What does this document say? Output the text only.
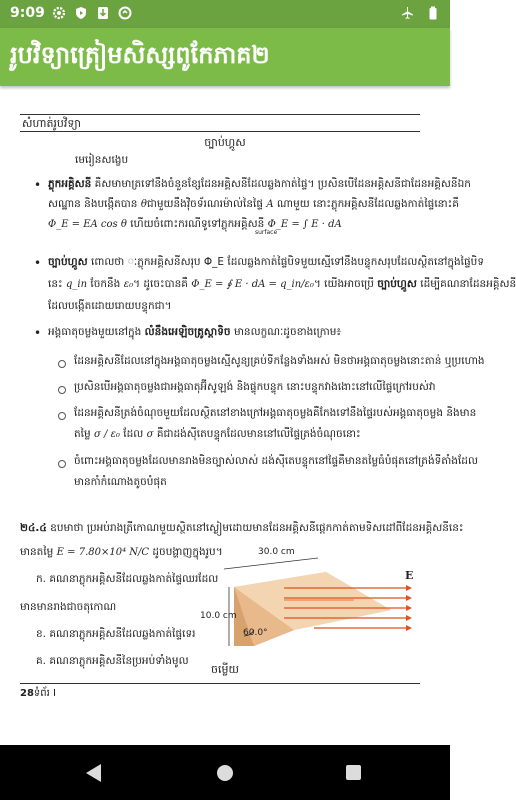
9:09
រូបវិទ្យាត្រៀមសិស្សពូកែភាគ២
សំហាត់រូបវិទ្យា
ច្បាប់ហ្គូស
មេរៀនសង្ខេប
• ភ្លុកអគ្គិសនី គឺសមាមាត្រទៅនឹងចំនួនខ្សែដែនអគ្គិសនីដែលឆ្លងកាត់ផ្ទៃ។ ប្រសិនបើដែនអគ្គិសនីជាដែនអគ្គិសនីឯក
សណ្ឋាន និងបង្កើតបាន θជាមួយនឹងវ៉ិចទ័រណរម៉ាល់នៃផ្ទៃ A ណាមួយ នោះភ្លុកអគ្គិសនីដែលឆ្លងកាត់ផ្ទៃនោះគឺ
Φ_E = EA cos θ ហើយចំពោះករណីទូទៅភ្លុកអគ្គិសនី Φ_E = ∫ E · dA
surface
• ច្បាប់ហ្គូស ពោលថា ៈភ្លុកអគ្គិសនីសរុប Φ_E ដែលឆ្លងកាត់ផ្ទៃបិទមួយស្មើទៅនឹងបន្ទុកសរុបដែលស្ថិតនៅក្នុងផ្ទៃបិទ
នេះ q_in ចែកនឹង ε₀។ ដូចេះបានគឺ Φ_E = ∮ E · dA = q_in/ε₀។ យើងអាចប្រើ ច្បាប់ហ្គូស ដើម្បីគណនាដែនអគ្គិសនី
ដែលបង្កើតដោយរោយបន្ទុកជា។
• អង្គធាតុចម្លងមួយនៅក្នុង លំនឹងអេឡិចត្រូស្តាទិច មានលក្ខណៈដូចខាងក្រោម៖
ដែនអគ្គិសនីដែលនៅក្នុងអង្គធាតុចម្លងស្មើសូន្យគ្រប់ទីកន្លែងទាំងអស់ មិនថាអង្គធាតុចម្លងនោះតាន់ ឬប្រហោង
ប្រសិនបើអង្គធាតុចម្លងជាអង្គធាតុអ៊ីសូឡង់ និងផ្ទុកបន្ទុក នោះបន្ទុកវាងងោះនៅលើផ្ទៃក្រៅរបស់វា
ដែនអគ្គិសនីត្រង់ចំណុចមួយដែលស្ថិតនៅខាងក្រៅអង្គធាតុចម្លងគឺកែងទៅនឹងផ្ទៃរបស់អង្គធាតុចម្លង និងមាន
តម្លៃ σ / ε₀ ដែល σ គឺជាដង់ស៊ីតេបន្ទុកដែលមាននៅលើផ្ទៃត្រង់ចំណុចនោះ
ចំពោះអង្គធាតុចម្លងដែលមានរាងមិនច្បាស់លាស់ ដង់ស៊ីតេបន្ទុកនៅផ្ទៃគឺមានតម្លៃធំបំផុតនៅត្រង់ទីតាំងដែល
មានកាំកំណោងតូចបំផុត
២៤.៤ ឧបមាថា ប្រអប់រាងត្រីកោណមួយស្ថិតនៅស្ងៀមដោយមានដែនអគ្គិសនីផ្ដេកកាត់តាមទិសដៅពីដែនអគ្គិសនីនេះ
មានតម្លៃ E = 7.80×10⁴ N/C ដូចបង្ហាញក្នុងរូប។
ក. គណនាភ្លុកអគ្គិសនីដែលឆ្លងកាត់ផ្ទៃឈរដែល
មានមានរាងជាចតុកោណ
ខ. គណនាភ្លុកអគ្គិសនីដែលឆ្លងកាត់ផ្ទៃទេរ
គ. គណនាភ្លុកអគ្គិសនីនៃប្រអប់ទាំងមូល
ចម្លើយ
30.0 cm
10.0 cm
60.0°
E
28ទំព័រ I
